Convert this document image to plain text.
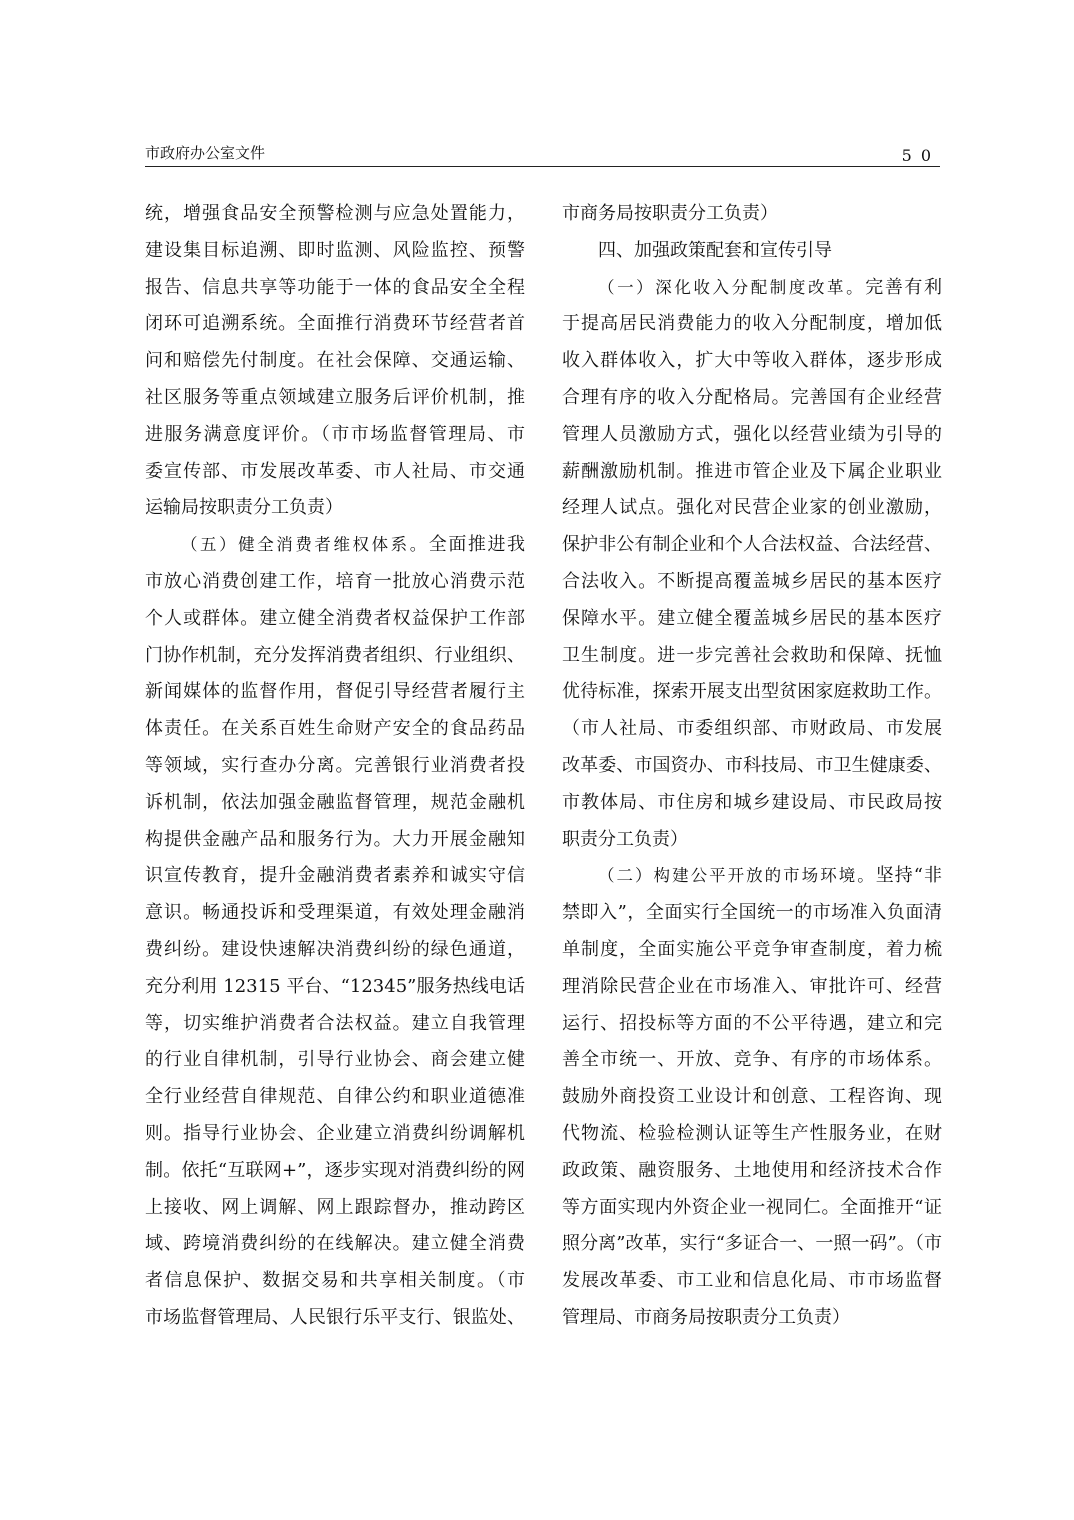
市政府办公室文件	50

统，增强食品安全预警检测与应急处置能力，

建设集目标追溯、即时监测、风险监控、预警

报告、信息共享等功能于一体的食品安全全程

闭环可追溯系统。全面推行消费环节经营者首

问和赔偿先付制度。在社会保障、交通运输、

社区服务等重点领域建立服务后评价机制，推

进服务满意度评价。（市市场监督管理局、市

委宣传部、市发展改革委、市人社局、市交通

运输局按职责分工负责）

（五）健全消费者维权体系。全面推进我

市放心消费创建工作，培育一批放心消费示范

个人或群体。建立健全消费者权益保护工作部

门协作机制，充分发挥消费者组织、行业组织、

新闻媒体的监督作用，督促引导经营者履行主

体责任。在关系百姓生命财产安全的食品药品

等领域，实行查办分离。完善银行业消费者投

诉机制，依法加强金融监督管理，规范金融机

构提供金融产品和服务行为。大力开展金融知

识宣传教育，提升金融消费者素养和诚实守信

意识。畅通投诉和受理渠道，有效处理金融消

费纠纷。建设快速解决消费纠纷的绿色通道，

充分利用 12315 平台、“12345”服务热线电话

等，切实维护消费者合法权益。建立自我管理

的行业自律机制，引导行业协会、商会建立健

全行业经营自律规范、自律公约和职业道德准

则。指导行业协会、企业建立消费纠纷调解机

制。依托“互联网+”，逐步实现对消费纠纷的网

上接收、网上调解、网上跟踪督办，推动跨区

域、跨境消费纠纷的在线解决。建立健全消费

者信息保护、数据交易和共享相关制度。（市

市场监督管理局、人民银行乐平支行、银监处、

市商务局按职责分工负责）

四、加强政策配套和宣传引导

（一）深化收入分配制度改革。完善有利

于提高居民消费能力的收入分配制度，增加低

收入群体收入，扩大中等收入群体，逐步形成

合理有序的收入分配格局。完善国有企业经营

管理人员激励方式，强化以经营业绩为引导的

薪酬激励机制。推进市管企业及下属企业职业

经理人试点。强化对民营企业家的创业激励，

保护非公有制企业和个人合法权益、合法经营、

合法收入。不断提高覆盖城乡居民的基本医疗

保障水平。建立健全覆盖城乡居民的基本医疗

卫生制度。进一步完善社会救助和保障、抚恤

优待标准，探索开展支出型贫困家庭救助工作。

（市人社局、市委组织部、市财政局、市发展

改革委、市国资办、市科技局、市卫生健康委、

市教体局、市住房和城乡建设局、市民政局按

职责分工负责）

（二）构建公平开放的市场环境。坚持“非

禁即入”，全面实行全国统一的市场准入负面清

单制度，全面实施公平竞争审查制度，着力梳

理消除民营企业在市场准入、审批许可、经营

运行、招投标等方面的不公平待遇，建立和完

善全市统一、开放、竞争、有序的市场体系。

鼓励外商投资工业设计和创意、工程咨询、现

代物流、检验检测认证等生产性服务业，在财

政政策、融资服务、土地使用和经济技术合作

等方面实现内外资企业一视同仁。全面推开“证

照分离”改革，实行“多证合一、一照一码”。（市

发展改革委、市工业和信息化局、市市场监督

管理局、市商务局按职责分工负责）
